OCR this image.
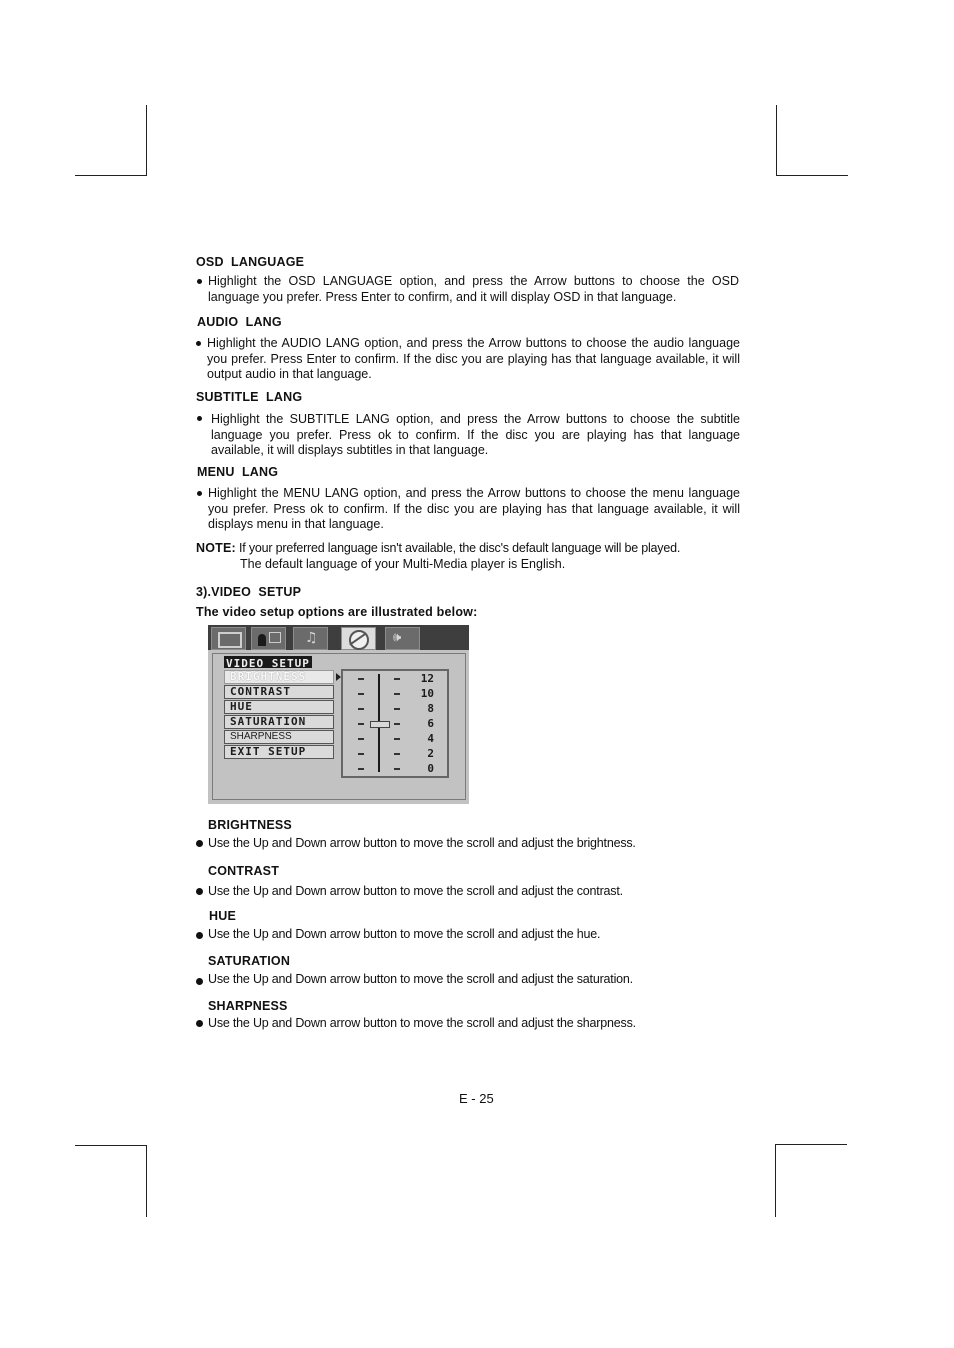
OSD  LANGUAGE
Highlight the OSD LANGUAGE option, and press the Arrow buttons to choose the OSD language you prefer. Press Enter to confirm, and it will display OSD in that language.
AUDIO  LANG
Highlight the AUDIO LANG option, and press the Arrow buttons to choose the audio language you prefer. Press Enter to confirm. If the disc you are playing has that language available, it will output audio in that language.
SUBTITLE  LANG
Highlight the SUBTITLE LANG option, and press the Arrow buttons to choose the subtitle language you prefer. Press ok to confirm. If the disc you are playing has that language available, it will displays subtitles in that language.
MENU  LANG
Highlight the MENU LANG option, and press the Arrow buttons to choose the menu language you prefer. Press ok to confirm. If the disc you are playing has that language available, it will displays menu in that language.
NOTE: If your preferred language isn't available, the disc's default language will be played.
The default language of your Multi-Media player is English.
3).VIDEO  SETUP
The video setup options are illustrated below:
♫	🕪
VIDEO SETUP
BRIGHTNESS
CONTRAST
HUE
SATURATION
SHARPNESS
EXIT SETUP
12
10
8
6
4
2
0
BRIGHTNESS
Use the Up and Down arrow button to move the scroll and adjust the brightness.
CONTRAST
Use the Up and Down arrow button to move the scroll and adjust the contrast.
HUE
Use the Up and Down arrow button to move the scroll and adjust the hue.
SATURATION
Use the Up and Down arrow button to move the scroll and adjust the saturation.
SHARPNESS
Use the Up and Down arrow button to move the scroll and adjust the sharpness.
E - 25
